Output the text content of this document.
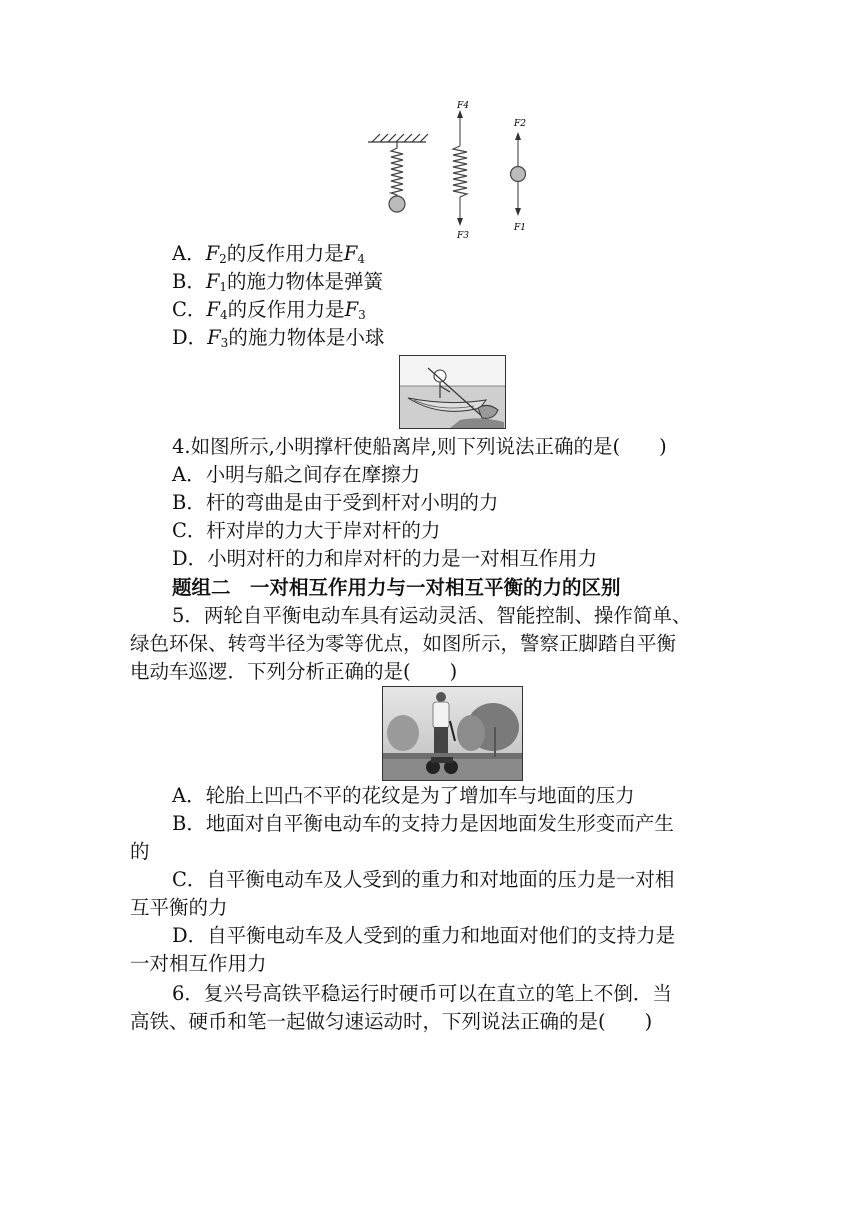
F4
F3
F2
F1
A．$F_2$的反作用力是$F_4$
B．$F_1$的施力物体是弹簧
C．$F_4$的反作用力是$F_3$
D．$F_3$的施力物体是小球
4.如图所示,小明撑杆使船离岸,则下列说法正确的是(　　)
A．小明与船之间存在摩擦力
B．杆的弯曲是由于受到杆对小明的力
C．杆对岸的力大于岸对杆的力
D．小明对杆的力和岸对杆的力是一对相互作用力
题组二　一对相互作用力与一对相互平衡的力的区别
5．两轮自平衡电动车具有运动灵活、智能控制、操作简单、
绿色环保、转弯半径为零等优点，如图所示，警察正脚踏自平衡
电动车巡逻．下列分析正确的是(　　)
A．轮胎上凹凸不平的花纹是为了增加车与地面的压力
B．地面对自平衡电动车的支持力是因地面发生形变而产生
的
C．自平衡电动车及人受到的重力和对地面的压力是一对相
互平衡的力
D．自平衡电动车及人受到的重力和地面对他们的支持力是
一对相互作用力
6．复兴号高铁平稳运行时硬币可以在直立的笔上不倒．当
高铁、硬币和笔一起做匀速运动时，下列说法正确的是(　　)
